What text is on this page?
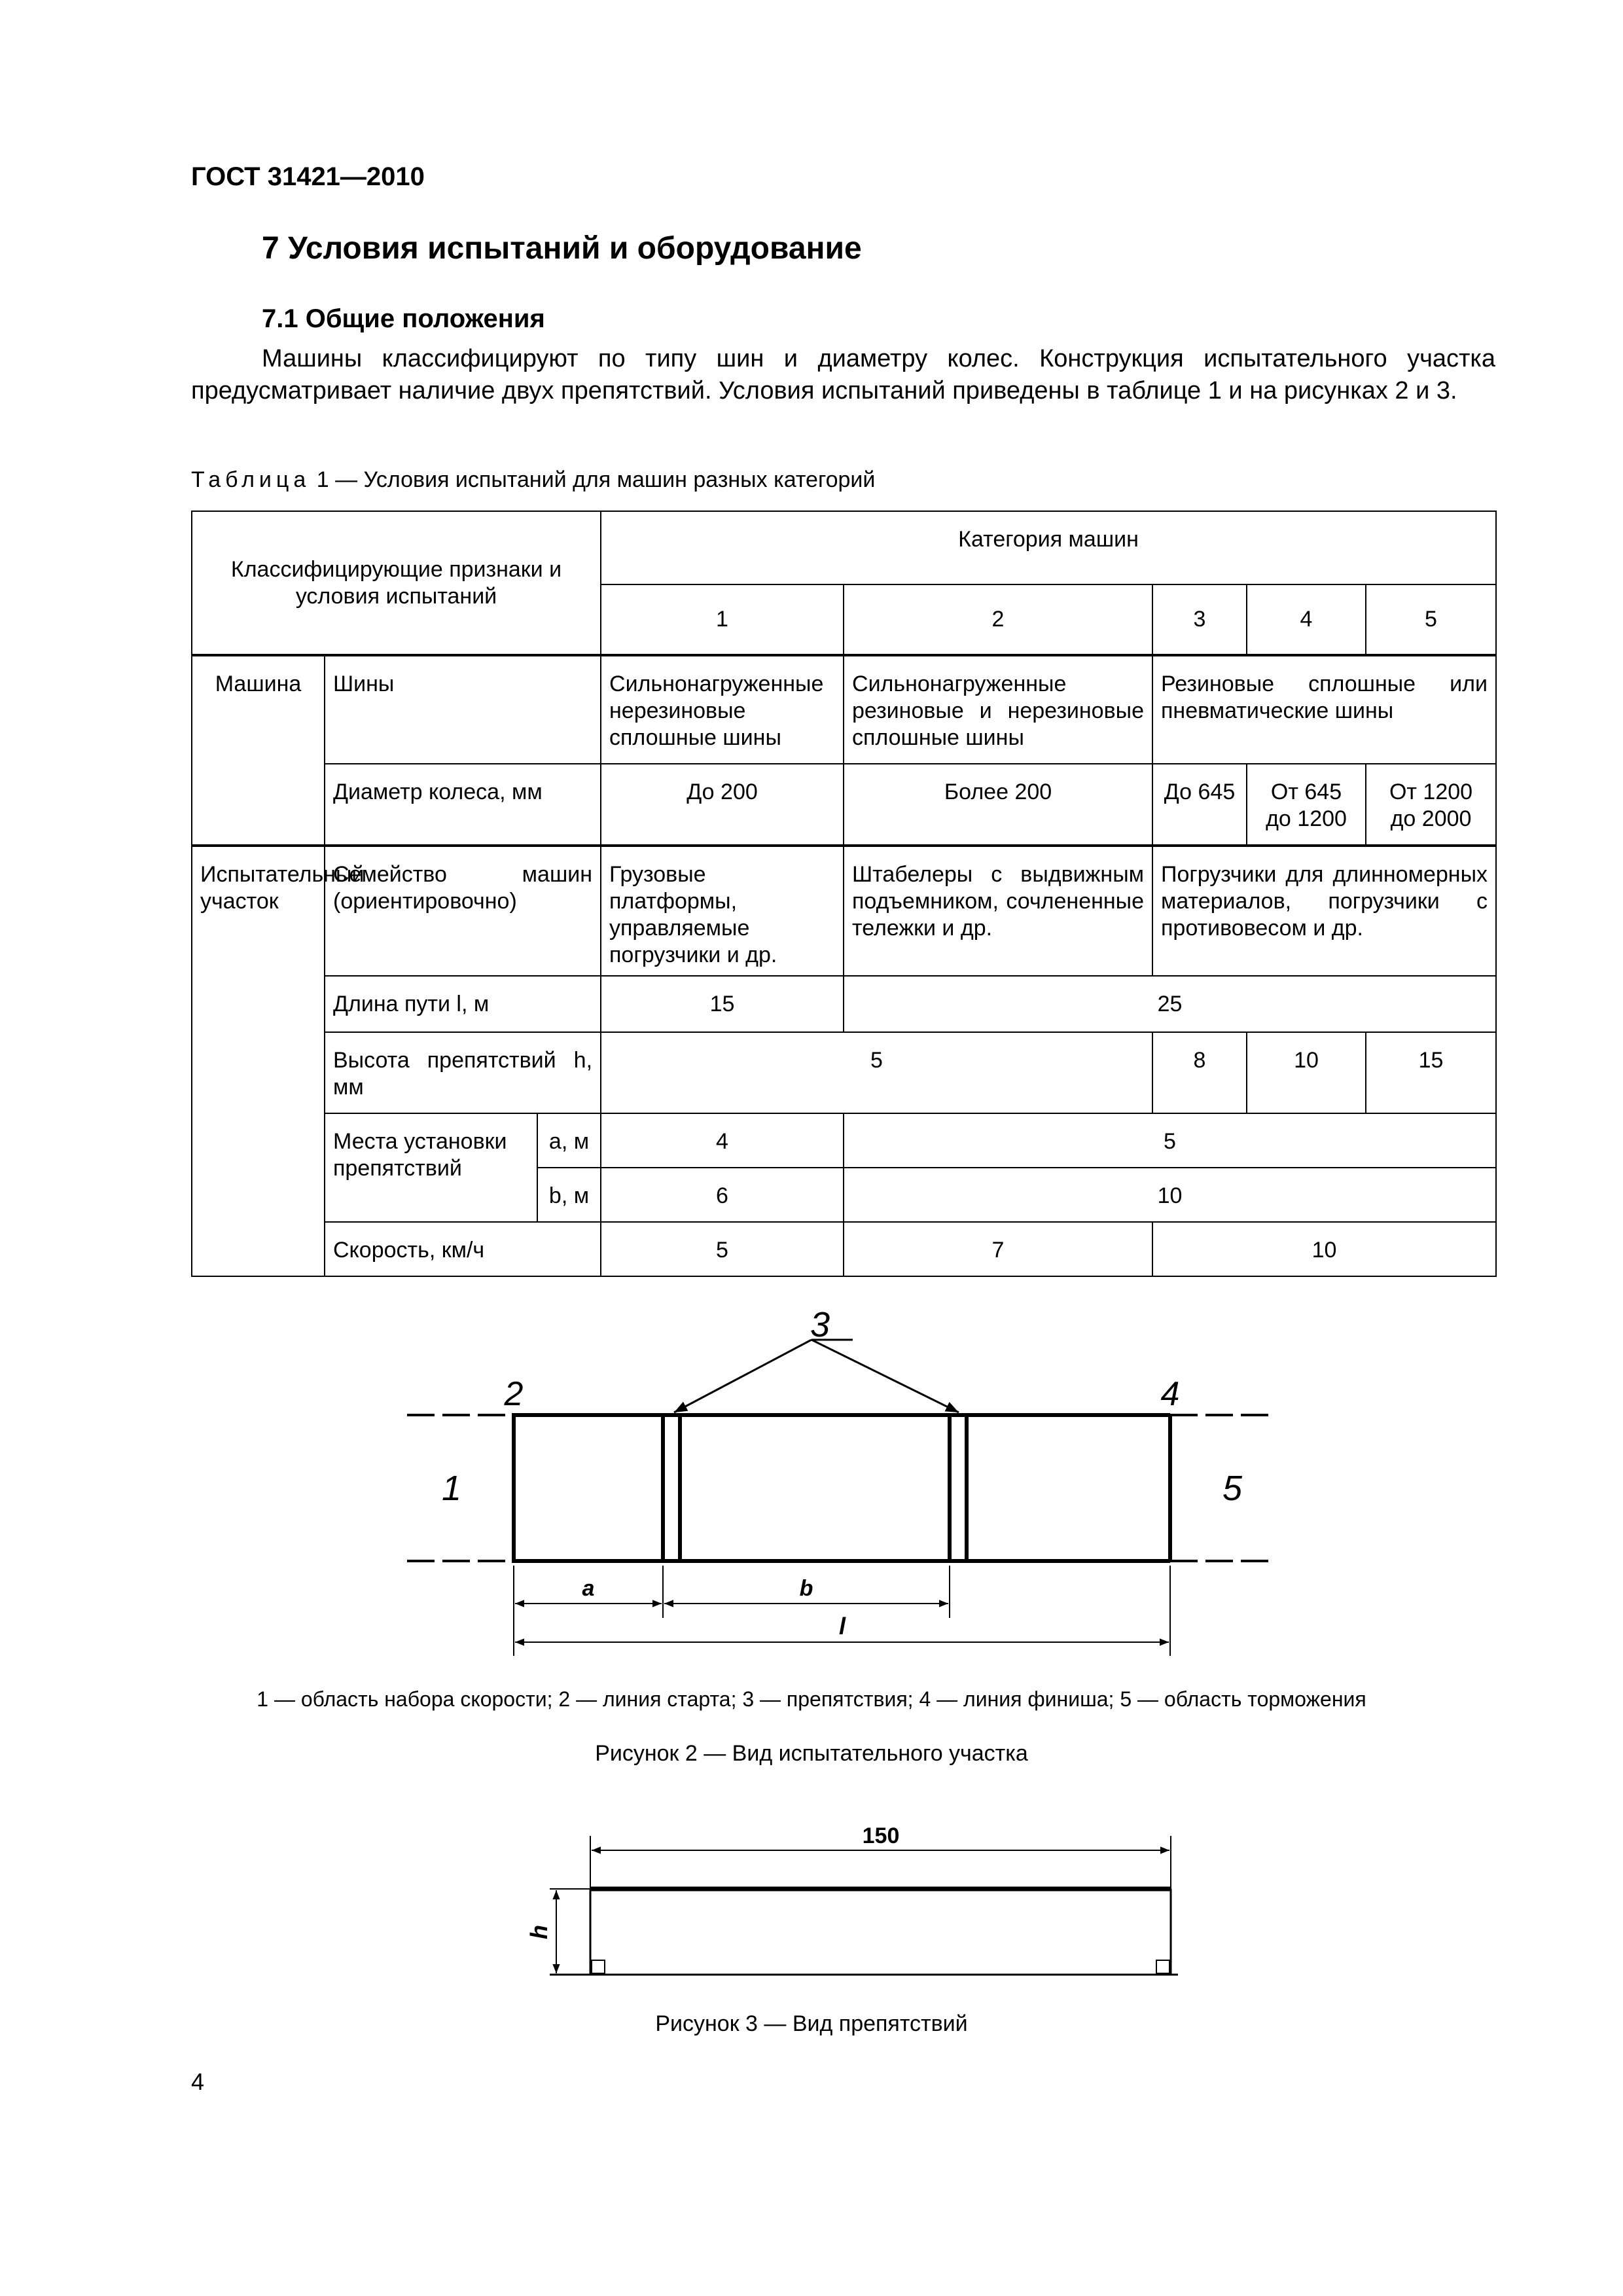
ГОСТ 31421—2010
7 Условия испытаний и оборудование
7.1 Общие положения
Машины классифицируют по типу шин и диаметру колес. Конструкция испытательного участка предусматривает наличие двух препятствий. Условия испытаний приведены в таблице 1 и на рисунках 2 и 3.
Таблица 1 — Условия испытаний для машин разных категорий
Классифицирующие признаки и условия испытаний			Категория машин				
			1	2	3	4	5
Машина	Шины		Сильнонагруженные нерезиновые сплошные шины	Сильнонагруженные резиновые и нерезиновые сплошные шины	Резиновые сплошные или пневматические шины		
	Диаметр колеса, мм		До 200	Более 200	До 645	От 645 до 1200	От 1200 до 2000
Испытательный участок	Семейство машин (ориентировочно)		Грузовые платформы, управляемые погрузчики и др.	Штабелеры с выдвижным подъемником, сочлененные тележки и др.	Погрузчики для длинномерных материалов, погрузчики с противовесом и др.		
	Длина пути l, м		15	25			
	Высота препятствий h, мм		5		8	10	15
	Места установки препятствий	a, м	4	5			
		b, м	6	10			
	Скорость, км/ч		5	7	10		
3
2	4
1	5
a	b
l
1 — область набора скорости; 2 — линия старта; 3 — препятствия; 4 — линия финиша; 5 — область торможения
Рисунок 2 — Вид испытательного участка
150
h
Рисунок 3 — Вид препятствий
4
